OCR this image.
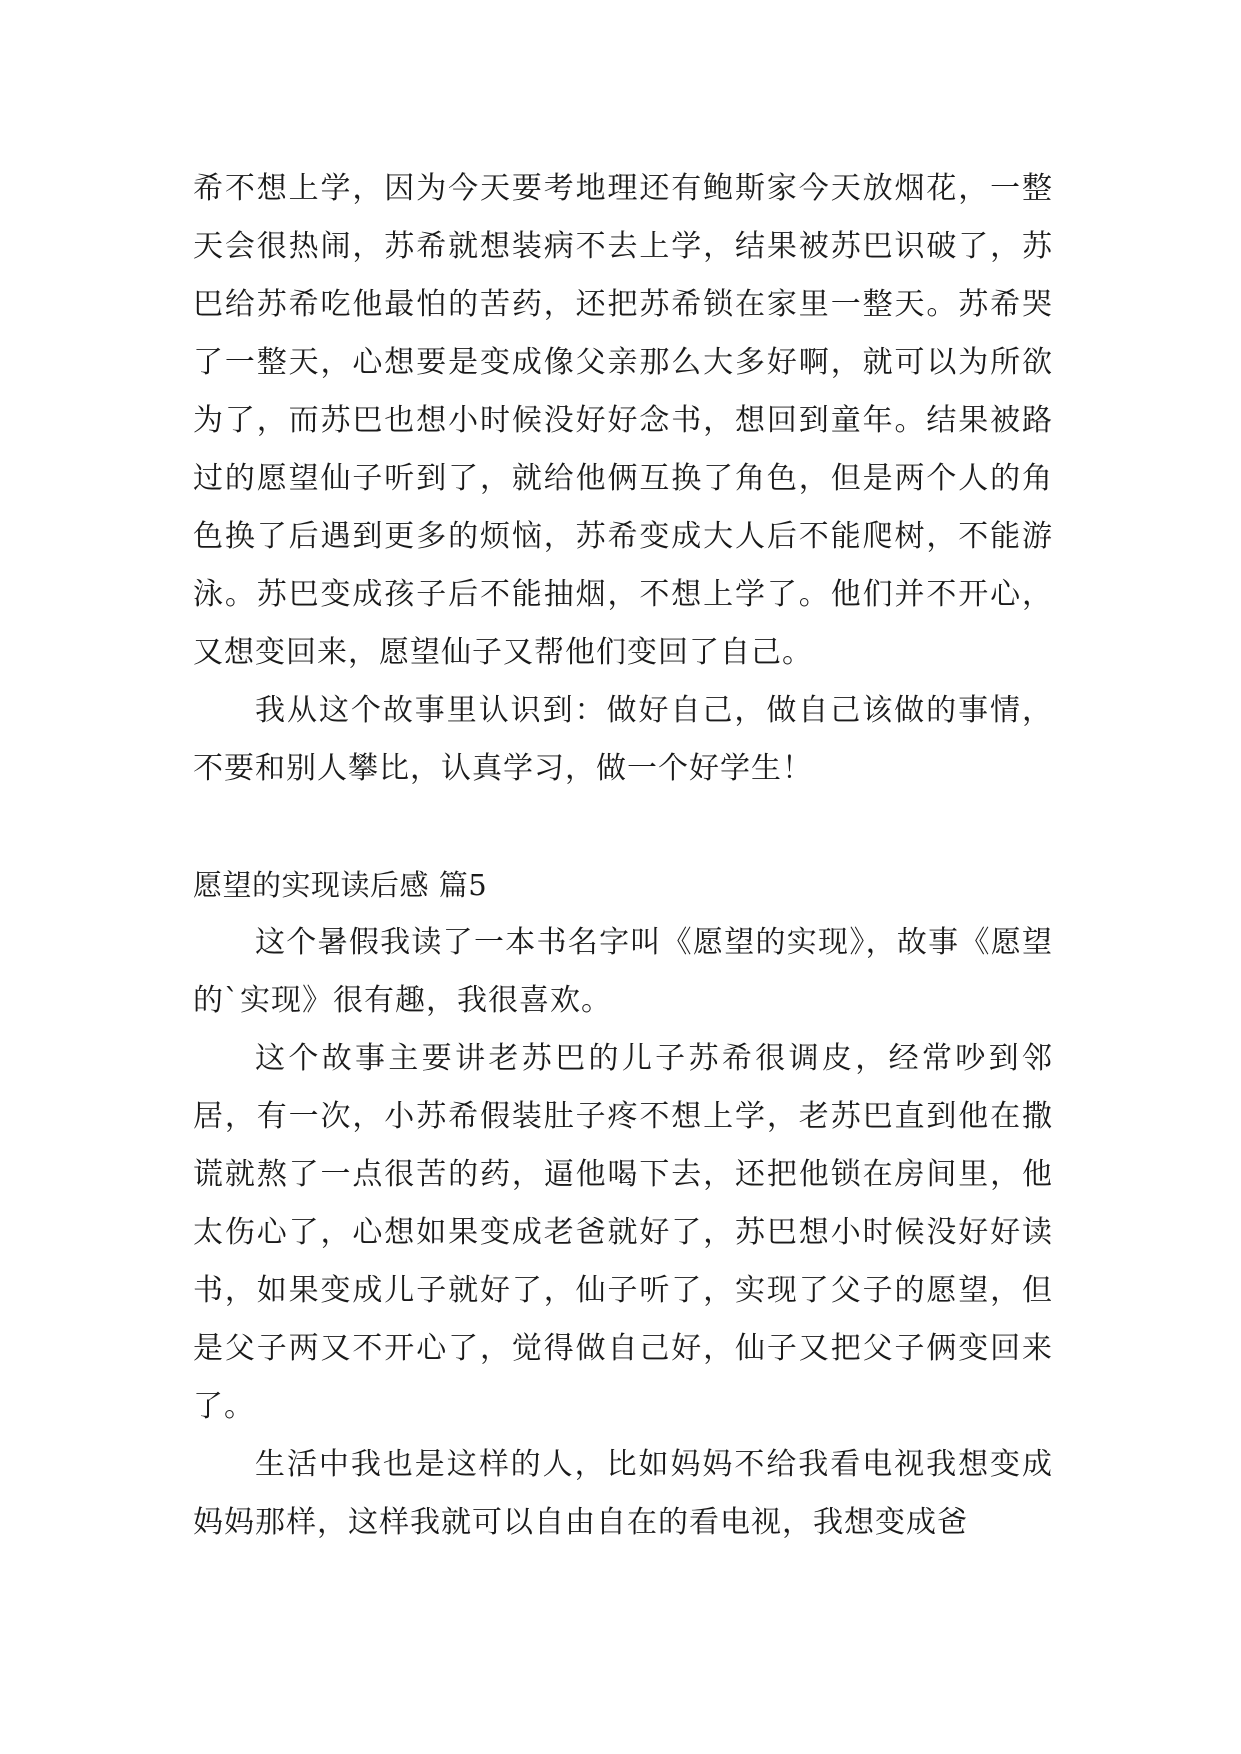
希不想上学，因为今天要考地理还有鲍斯家今天放烟花，一整天会很热闹，苏希就想装病不去上学，结果被苏巴识破了，苏巴给苏希吃他最怕的苦药，还把苏希锁在家里一整天。苏希哭了一整天，心想要是变成像父亲那么大多好啊，就可以为所欲为了，而苏巴也想小时候没好好念书，想回到童年。结果被路过的愿望仙子听到了，就给他俩互换了角色，但是两个人的角色换了后遇到更多的烦恼，苏希变成大人后不能爬树，不能游泳。苏巴变成孩子后不能抽烟，不想上学了。他们并不开心，又想变回来，愿望仙子又帮他们变回了自己。

我从这个故事里认识到：做好自己，做自己该做的事情，不要和别人攀比，认真学习，做一个好学生！

愿望的实现读后感 篇5

这个暑假我读了一本书名字叫《愿望的实现》，故事《愿望的`实现》很有趣，我很喜欢。

这个故事主要讲老苏巴的儿子苏希很调皮，经常吵到邻居，有一次，小苏希假装肚子疼不想上学，老苏巴直到他在撒谎就熬了一点很苦的药，逼他喝下去，还把他锁在房间里，他太伤心了，心想如果变成老爸就好了，苏巴想小时候没好好读书，如果变成儿子就好了，仙子听了，实现了父子的愿望，但是父子两又不开心了，觉得做自己好，仙子又把父子俩变回来了。

生活中我也是这样的人，比如妈妈不给我看电视我想变成妈妈那样，这样我就可以自由自在的看电视，我想变成爸
